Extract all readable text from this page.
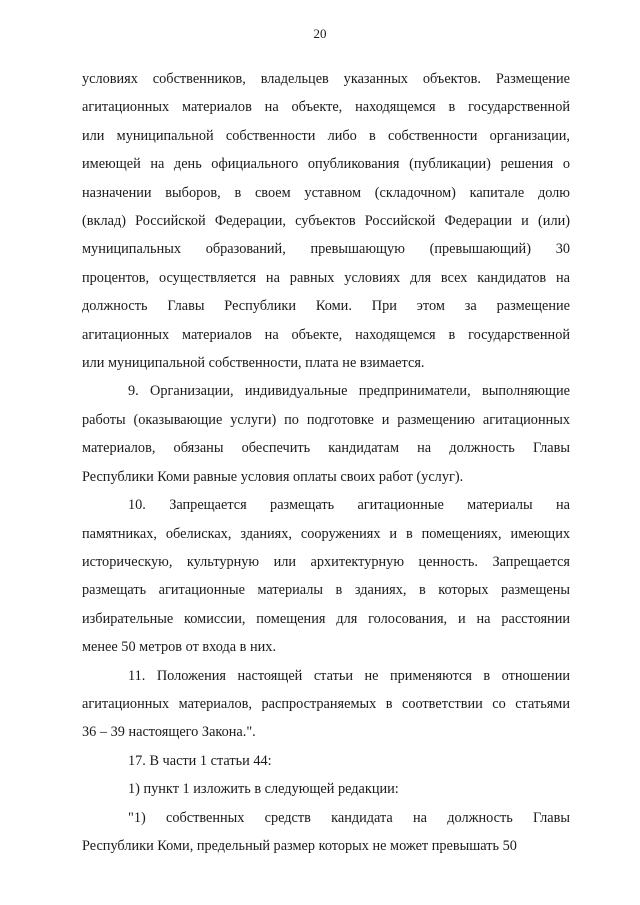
20
условиях собственников, владельцев указанных объектов. Размещение
агитационных материалов на объекте, находящемся в государственной
или муниципальной собственности либо в собственности организации,
имеющей на день официального опубликования (публикации) решения о
назначении выборов, в своем уставном (складочном) капитале долю
(вклад) Российской Федерации, субъектов Российской Федерации и (или)
муниципальных образований, превышающую (превышающий) 30
процентов, осуществляется на равных условиях для всех кандидатов на
должность Главы Республики Коми. При этом за размещение
агитационных материалов на объекте, находящемся в государственной
или муниципальной собственности, плата не взимается.
9. Организации, индивидуальные предприниматели, выполняющие
работы (оказывающие услуги) по подготовке и размещению агитационных
материалов, обязаны обеспечить кандидатам на должность Главы
Республики Коми равные условия оплаты своих работ (услуг).
10. Запрещается размещать агитационные материалы на
памятниках, обелисках, зданиях, сооружениях и в помещениях, имеющих
историческую, культурную или архитектурную ценность. Запрещается
размещать агитационные материалы в зданиях, в которых размещены
избирательные комиссии, помещения для голосования, и на расстоянии
менее 50 метров от входа в них.
11. Положения настоящей статьи не применяются в отношении
агитационных материалов, распространяемых в соответствии со статьями
36 – 39 настоящего Закона.".
17. В части 1 статьи 44:
1) пункт 1 изложить в следующей редакции:
"1) собственных средств кандидата на должность Главы
Республики Коми, предельный размер которых не может превышать 50
